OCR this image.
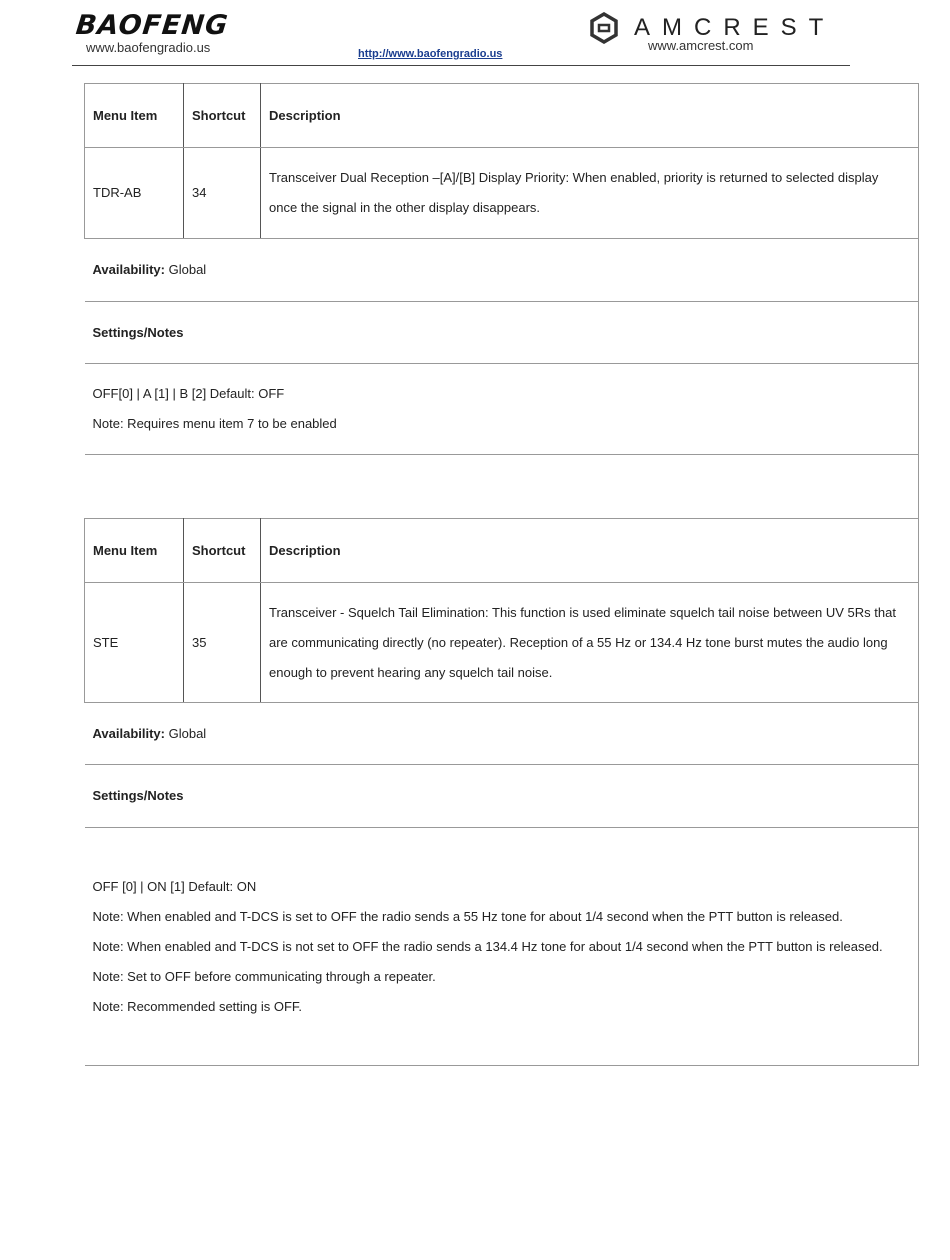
BAOFENG
www.baofengradio.us	http://www.baofengradio.us
AMCREST
www.amcrest.com
Menu Item	Shortcut	Description
TDR-AB	34	Transceiver Dual Reception –[A]/[B] Display Priority: When enabled, priority is returned to selected display once the signal in the other display disappears.
Availability: Global		
Settings/Notes		

OFF[0] | A [1] | B [2] Default: OFF

Note: Requires menu item 7 to be enabled		

Menu Item	Shortcut	Description
STE	35	Transceiver - Squelch Tail Elimination: This function is used eliminate squelch tail noise between UV 5Rs that are communicating directly (no repeater). Reception of a 55 Hz or 134.4 Hz tone burst mutes the audio long enough to prevent hearing any squelch tail noise.
Availability: Global		
Settings/Notes		

OFF [0] | ON [1] Default: ON

Note: When enabled and T-DCS is set to OFF the radio sends a 55 Hz tone for about 1/4 second when the PTT button is released.

Note: When enabled and T-DCS is not set to OFF the radio sends a 134.4 Hz tone for about 1/4 second when the PTT button is released.

Note: Set to OFF before communicating through a repeater.

Note: Recommended setting is OFF.		
